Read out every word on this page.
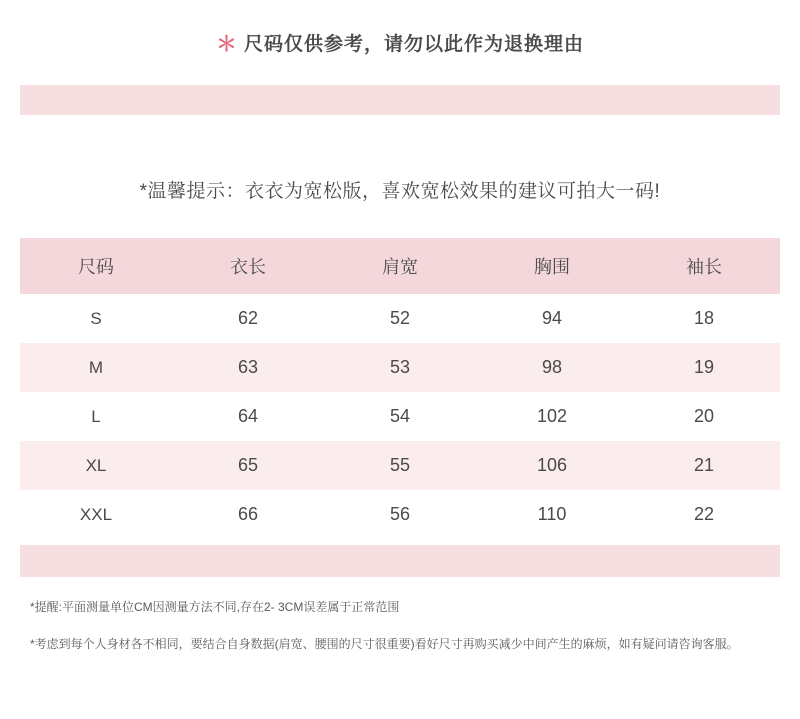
＊ 尺码仅供参考，请勿以此作为退换理由
*温馨提示：衣衣为宽松版，喜欢宽松效果的建议可拍大一码!
尺码	衣长	肩宽	胸围	袖长
S	62	52	94	18
M	63	53	98	19
L	64	54	102	20
XL	65	55	106	21
XXL	66	56	110	22

*提醒:平面测量单位CM因测量方法不同,存在2- 3CM误差属于正常范围

*考虑到每个人身材各不相同，要结合自身数据(肩宽、腰围的尺寸很重要)看好尺寸再购买减少中间产生的麻烦，如有疑问请咨询客服。
